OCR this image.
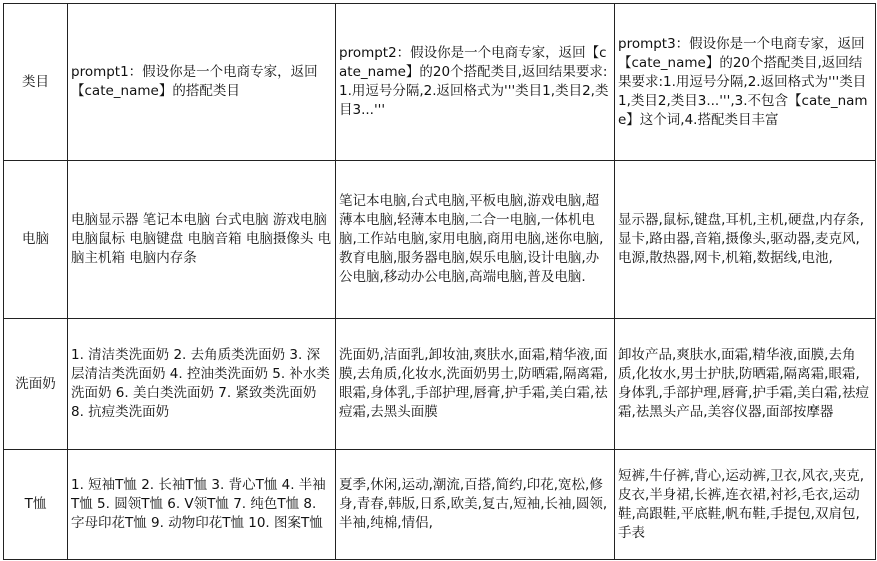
类目	prompt1：假设你是一个电商专家，返回【cate_name】的搭配类目	prompt2：假设你是一个电商专家，返回【cate_name】的20个搭配类目,返回结果要求:1.用逗号分隔,2.返回格式为'''类目1,类目2,类目3...'''	prompt3：假设你是一个电商专家，返回【cate_name】的20个搭配类目,返回结果要求:1.用逗号分隔,2.返回格式为'''类目1,类目2,类目3...''',3.不包含【cate_name】这个词,4.搭配类目丰富
电脑	电脑显示器 笔记本电脑 台式电脑 游戏电脑 电脑鼠标 电脑键盘 电脑音箱 电脑摄像头 电脑主机箱 电脑内存条	笔记本电脑,台式电脑,平板电脑,游戏电脑,超薄本电脑,轻薄本电脑,二合一电脑,一体机电脑,工作站电脑,家用电脑,商用电脑,迷你电脑,教育电脑,服务器电脑,娱乐电脑,设计电脑,办公电脑,移动办公电脑,高端电脑,普及电脑.	显示器,鼠标,键盘,耳机,主机,硬盘,内存条,显卡,路由器,音箱,摄像头,驱动器,麦克风,电源,散热器,网卡,机箱,数据线,电池,
洗面奶	1. 清洁类洗面奶 2. 去角质类洗面奶 3. 深层清洁类洗面奶 4. 控油类洗面奶 5. 补水类洗面奶 6. 美白类洗面奶 7. 紧致类洗面奶 8. 抗痘类洗面奶	洗面奶,洁面乳,卸妆油,爽肤水,面霜,精华液,面膜,去角质,化妆水,洗面奶男士,防晒霜,隔离霜,眼霜,身体乳,手部护理,唇膏,护手霜,美白霜,祛痘霜,去黑头面膜	卸妆产品,爽肤水,面霜,精华液,面膜,去角质,化妆水,男士护肤,防晒霜,隔离霜,眼霜,身体乳,手部护理,唇膏,护手霜,美白霜,祛痘霜,祛黑头产品,美容仪器,面部按摩器
T恤	1. 短袖T恤 2. 长袖T恤 3. 背心T恤 4. 半袖T恤 5. 圆领T恤 6. V领T恤 7. 纯色T恤 8. 字母印花T恤 9. 动物印花T恤 10. 图案T恤	夏季,休闲,运动,潮流,百搭,简约,印花,宽松,修身,青春,韩版,日系,欧美,复古,短袖,长袖,圆领,半袖,纯棉,情侣,	短裤,牛仔裤,背心,运动裤,卫衣,风衣,夹克,皮衣,半身裙,长裤,连衣裙,衬衫,毛衣,运动鞋,高跟鞋,平底鞋,帆布鞋,手提包,双肩包,手表
